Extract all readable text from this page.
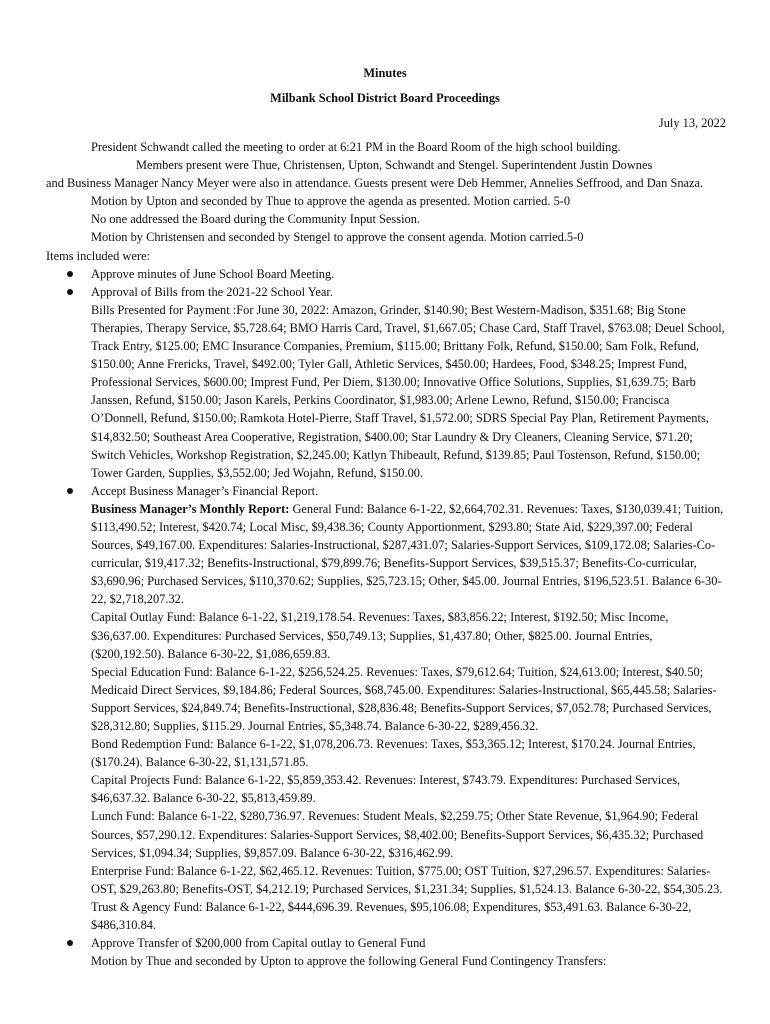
Minutes
Milbank School District Board Proceedings
July 13, 2022

President Schwandt called the meeting to order at 6:21 PM in the Board Room of the high school building.

Members present were Thue, Christensen, Upton, Schwandt and Stengel. Superintendent Justin Downes
and Business Manager Nancy Meyer were also in attendance. Guests present were Deb Hemmer, Annelies Seffrood, and Dan Snaza.

Motion by Upton and seconded by Thue to approve the agenda as presented. Motion carried. 5-0

No one addressed the Board during the Community Input Session.

Motion by Christensen and seconded by Stengel to approve the consent agenda. Motion carried.5-0

Items included were:

Approve minutes of June School Board Meeting.
Approval of Bills from the 2021-22 School Year.

Bills Presented for Payment :For June 30, 2022: Amazon, Grinder, $140.90; Best Western-Madison, $351.68; Big Stone Therapies, Therapy Service, $5,728.64; BMO Harris Card, Travel, $1,667.05; Chase Card, Staff Travel, $763.08; Deuel School, Track Entry, $125.00; EMC Insurance Companies, Premium, $115.00; Brittany Folk, Refund, $150.00; Sam Folk, Refund, $150.00; Anne Frericks, Travel, $492.00; Tyler Gall, Athletic Services, $450.00; Hardees, Food, $348.25; Imprest Fund, Professional Services, $600.00; Imprest Fund, Per Diem, $130.00; Innovative Office Solutions, Supplies, $1,639.75; Barb Janssen, Refund, $150.00; Jason Karels, Perkins Coordinator, $1,983.00; Arlene Lewno, Refund, $150.00; Francisca O’Donnell, Refund, $150.00; Ramkota Hotel-Pierre, Staff Travel, $1,572.00; SDRS Special Pay Plan, Retirement Payments, $14,832.50; Southeast Area Cooperative, Registration, $400.00; Star Laundry & Dry Cleaners, Cleaning Service, $71.20; Switch Vehicles, Workshop Registration, $2,245.00; Katlyn Thibeault, Refund, $139.85; Paul Tostenson, Refund, $150.00; Tower Garden, Supplies, $3,552.00; Jed Wojahn, Refund, $150.00.

Accept Business Manager’s Financial Report.

Business Manager’s Monthly Report: General Fund: Balance 6-1-22, $2,664,702.31. Revenues: Taxes, $130,039.41; Tuition, $113,490.52; Interest, $420.74; Local Misc, $9,438.36; County Apportionment, $293.80; State Aid, $229,397.00; Federal Sources, $49,167.00. Expenditures: Salaries-Instructional, $287,431.07; Salaries-Support Services, $109,172.08; Salaries-Co-curricular, $19,417.32; Benefits-Instructional, $79,899.76; Benefits-Support Services, $39,515.37; Benefits-Co-curricular, $3,690.96; Purchased Services, $110,370.62; Supplies, $25,723.15; Other, $45.00. Journal Entries, $196,523.51. Balance 6-30-22, $2,718,207.32.

Capital Outlay Fund: Balance 6-1-22, $1,219,178.54. Revenues: Taxes, $83,856.22; Interest, $192.50; Misc Income, $36,637.00. Expenditures: Purchased Services, $50,749.13; Supplies, $1,437.80; Other, $825.00. Journal Entries, ($200,192.50). Balance 6-30-22, $1,086,659.83.

Special Education Fund: Balance 6-1-22, $256,524.25. Revenues: Taxes, $79,612.64; Tuition, $24,613.00; Interest, $40.50; Medicaid Direct Services, $9,184.86; Federal Sources, $68,745.00. Expenditures: Salaries-Instructional, $65,445.58; Salaries-Support Services, $24,849.74; Benefits-Instructional, $28,836.48; Benefits-Support Services, $7,052.78; Purchased Services, $28,312.80; Supplies, $115.29. Journal Entries, $5,348.74. Balance 6-30-22, $289,456.32.

Bond Redemption Fund: Balance 6-1-22, $1,078,206.73. Revenues: Taxes, $53,365.12; Interest, $170.24. Journal Entries, ($170.24). Balance 6-30-22, $1,131,571.85.

Capital Projects Fund: Balance 6-1-22, $5,859,353.42. Revenues: Interest, $743.79. Expenditures: Purchased Services, $46,637.32. Balance 6-30-22, $5,813,459.89.

Lunch Fund: Balance 6-1-22, $280,736.97. Revenues: Student Meals, $2,259.75; Other State Revenue, $1,964.90; Federal Sources, $57,290.12. Expenditures: Salaries-Support Services, $8,402.00; Benefits-Support Services, $6,435.32; Purchased Services, $1,094.34; Supplies, $9,857.09. Balance 6-30-22, $316,462.99.

Enterprise Fund: Balance 6-1-22, $62,465.12. Revenues: Tuition, $775.00; OST Tuition, $27,296.57. Expenditures: Salaries-OST, $29,263.80; Benefits-OST, $4,212.19; Purchased Services, $1,231.34; Supplies, $1,524.13. Balance 6-30-22, $54,305.23.

Trust & Agency Fund: Balance 6-1-22, $444,696.39. Revenues, $95,106.08; Expenditures, $53,491.63. Balance 6-30-22, $486,310.84.

Approve Transfer of $200,000 from Capital outlay to General Fund

Motion by Thue and seconded by Upton to approve the following General Fund Contingency Transfers:
